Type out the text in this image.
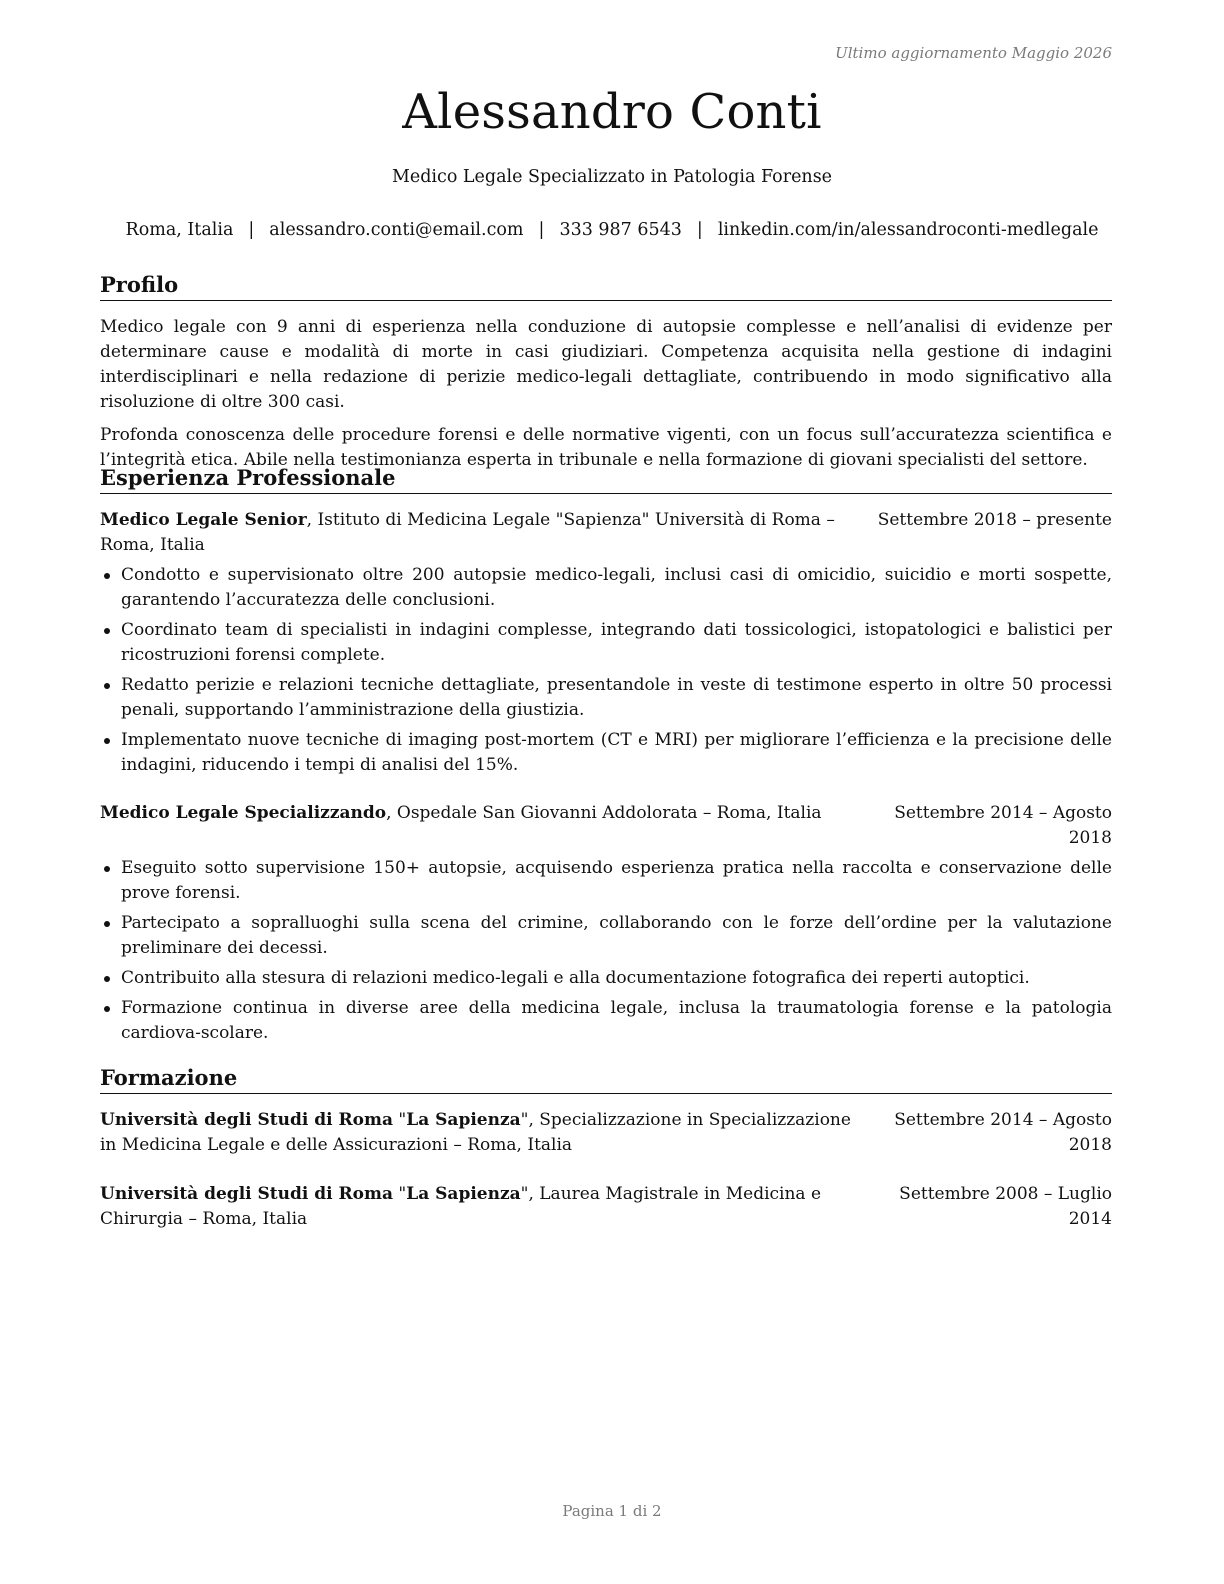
Ultimo aggiornamento Maggio 2026
Alessandro Conti
Medico Legale Specializzato in Patologia Forense
Roma, Italia | alessandro.conti@email.com | 333 987 6543 | linkedin.com/in/alessandroconti-medlegale
Profilo

Medico legale con 9 anni di esperienza nella conduzione di autopsie complesse e nell’analisi di evidenze per determinare cause e modalità di morte in casi giudiziari. Competenza acquisita nella gestione di indagini interdisciplinari e nella redazione di perizie medico-legali dettagliate, contribuendo in modo significativo alla risoluzione di oltre 300 casi.

Profonda conoscenza delle procedure forensi e delle normative vigenti, con un focus sull’accuratezza scientifica e l’integrità etica. Abile nella testimonianza esperta in tribunale e nella formazione di giovani specialisti del settore.

Esperienza Professionale
Medico Legale Senior, Istituto di Medicina Legale "Sapienza" Università di Roma – Roma, Italia
Settembre 2018 – presente
Condotto e supervisionato oltre 200 autopsie medico-legali, inclusi casi di omicidio, suicidio e morti sospette, garantendo l’accuratezza delle conclusioni.
Coordinato team di specialisti in indagini complesse, integrando dati tossicologici, istopatologici e balistici per ricostruzioni forensi complete.
Redatto perizie e relazioni tecniche dettagliate, presentandole in veste di testimone esperto in oltre 50 processi penali, supportando l’amministrazione della giustizia.
Implementato nuove tecniche di imaging post-mortem (CT e MRI) per migliorare l’efficienza e la precisione delle indagini, riducendo i tempi di analisi del 15%.
Medico Legale Specializzando, Ospedale San Giovanni Addolorata – Roma, Italia	Settembre 2014 – Agosto 2018
Eseguito sotto supervisione 150+ autopsie, acquisendo esperienza pratica nella raccolta e conservazione delle prove forensi.
Partecipato a sopralluoghi sulla scena del crimine, collaborando con le forze dell’ordine per la valutazione preliminare dei decessi.
Contribuito alla stesura di relazioni medico-legali e alla documentazione fotografica dei reperti autoptici.
Formazione continua in diverse aree della medicina legale, inclusa la traumatologia forense e la patologia cardiova-scolare.
Formazione
Università degli Studi di Roma "La Sapienza", Specializzazione in Specializzazione in Medicina Legale e delle Assicurazioni – Roma, Italia
Settembre 2014 – Agosto 2018
Università degli Studi di Roma "La Sapienza", Laurea Magistrale in Medicina e Chirurgia – Roma, Italia
Settembre 2008 – Luglio 2014
Pagina 1 di 2
